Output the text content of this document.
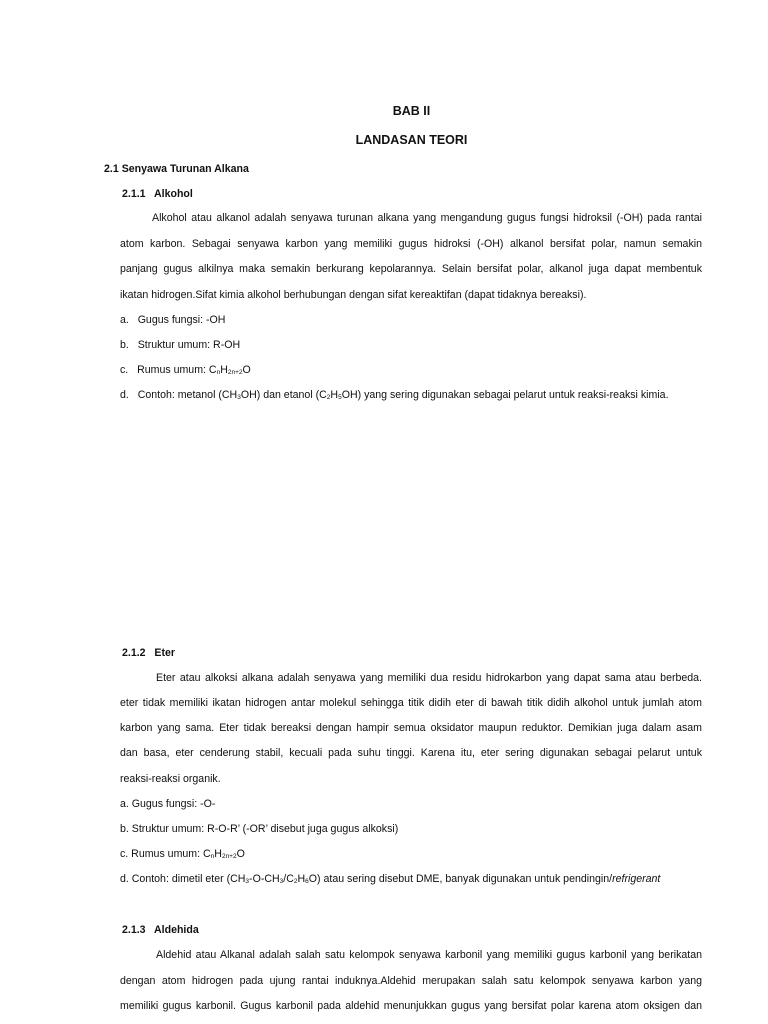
BAB II
LANDASAN TEORI
2.1 Senyawa Turunan Alkana
2.1.1 Alkohol
Alkohol atau alkanol adalah senyawa turunan alkana yang mengandung gugus fungsi hidroksil (-OH) pada rantai
atom karbon. Sebagai senyawa karbon yang memiliki gugus hidroksi (-OH) alkanol bersifat polar, namun semakin
panjang gugus alkilnya maka semakin berkurang kepolarannya. Selain bersifat polar, alkanol juga dapat membentuk
ikatan hidrogen.Sifat kimia alkohol berhubungan dengan sifat kereaktifan (dapat tidaknya bereaksi).
a. Gugus fungsi: -OH
b. Struktur umum: R-OH
c. Rumus umum: $C_nH_{2n+2}O$
d. Contoh: metanol $(CH_3OH)$ dan etanol $(C_2H_5OH)$ yang sering digunakan sebagai pelarut untuk reaksi-reaksi kimia.
2.1.2 Eter
Eter atau alkoksi alkana adalah senyawa yang memiliki dua residu hidrokarbon yang dapat sama atau berbeda.
eter tidak memiliki ikatan hidrogen antar molekul sehingga titik didih eter di bawah titik didih alkohol untuk jumlah atom
karbon yang sama. Eter tidak bereaksi dengan hampir semua oksidator maupun reduktor. Demikian juga dalam asam
dan basa, eter cenderung stabil, kecuali pada suhu tinggi. Karena itu, eter sering digunakan sebagai pelarut untuk
reaksi-reaksi organik.
a. Gugus fungsi: -O-
b. Struktur umum: R-O-R’ (-OR’ disebut juga gugus alkoksi)
c. Rumus umum: $C_nH_{2n+2}O$
d. Contoh: dimetil eter $(CH_3-O-CH_3/C_2H_6O)$ atau sering disebut DME, banyak digunakan untuk pendingin/refrigerant
2.1.3 Aldehida
Aldehid atau Alkanal adalah salah satu kelompok senyawa karbonil yang memiliki gugus karbonil yang berikatan
dengan atom hidrogen pada ujung rantai induknya.Aldehid merupakan salah satu kelompok senyawa karbon yang
memiliki gugus karbonil. Gugus karbonil pada aldehid menunjukkan gugus yang bersifat polar karena atom oksigen dan
